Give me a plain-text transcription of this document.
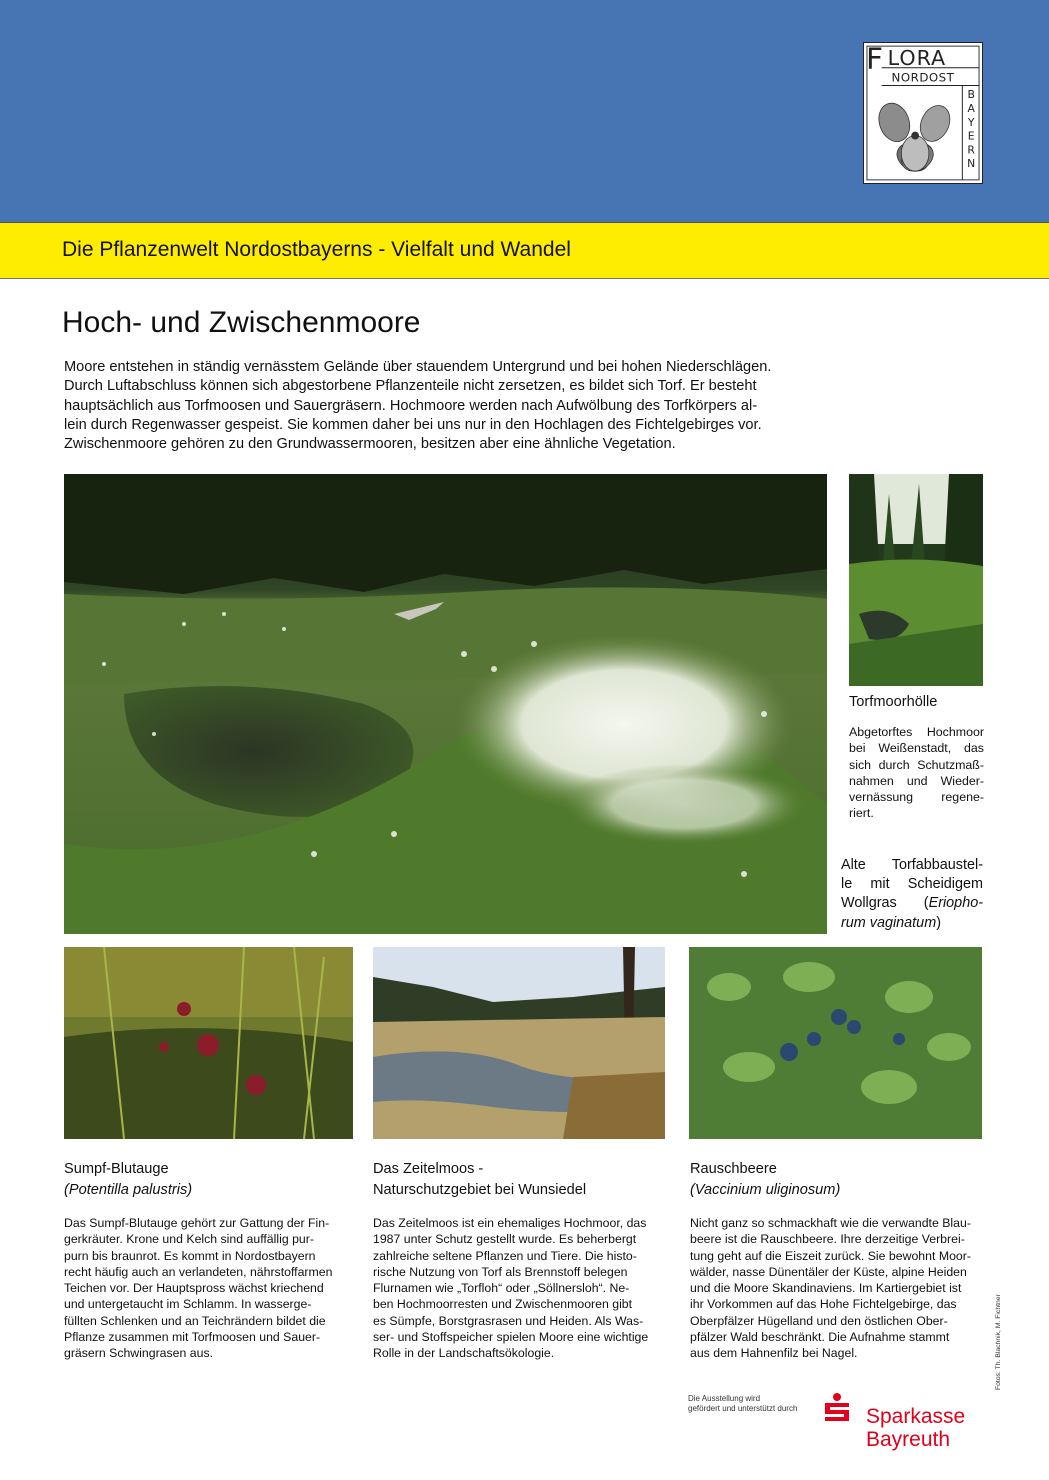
F LORA
NORDOST
B
A
Y
E
R
N
Die Pflanzenwelt Nordostbayerns - Vielfalt und Wandel
Hoch- und Zwischenmoore
Moore entstehen in ständig vernässtem Gelände über stauendem Untergrund und bei hohen Niederschlägen.
Durch Luftabschluss können sich abgestorbene Pflanzenteile nicht zersetzen, es bildet sich Torf. Er besteht
hauptsächlich aus Torfmoosen und Sauergräsern. Hochmoore werden nach Aufwölbung des Torfkörpers al-
lein durch Regenwasser gespeist. Sie kommen daher bei uns nur in den Hochlagen des Fichtelgebirges vor.
Zwischenmoore gehören zu den Grundwassermooren, besitzen aber eine ähnliche Vegetation.
Torfmoorhölle
Abgetorftes Hochmoor
bei Weißenstadt, das
sich durch Schutzmaß-
nahmen und Wieder-
vernässung regene-
riert.
Alte Torfabbaustel-
le mit Scheidigem
Wollgras (Eriopho-
rum vaginatum)
Sumpf-Blutauge
(Potentilla palustris)
Das Sumpf-Blutauge gehört zur Gattung der Fin-
gerkräuter. Krone und Kelch sind auffällig pur-
purn bis braunrot. Es kommt in Nordostbayern
recht häufig auch an verlandeten, nährstoffarmen
Teichen vor. Der Hauptspross wächst kriechend
und untergetaucht im Schlamm. In wasserge-
füllten Schlenken und an Teichrändern bildet die
Pflanze zusammen mit Torfmoosen und Sauer-
gräsern Schwingrasen aus.
Das Zeitelmoos -
Naturschutzgebiet bei Wunsiedel
Das Zeitelmoos ist ein ehemaliges Hochmoor, das
1987 unter Schutz gestellt wurde. Es beherbergt
zahlreiche seltene Pflanzen und Tiere. Die histo-
rische Nutzung von Torf als Brennstoff belegen
Flurnamen wie „Torfloh“ oder „Söllnersloh“. Ne-
ben Hochmoorresten und Zwischenmooren gibt
es Sümpfe, Borstgrasrasen und Heiden. Als Was-
ser- und Stoffspeicher spielen Moore eine wichtige
Rolle in der Landschaftsökologie.
Rauschbeere
(Vaccinium uliginosum)
Nicht ganz so schmackhaft wie die verwandte Blau-
beere ist die Rauschbeere. Ihre derzeitige Verbrei-
tung geht auf die Eiszeit zurück. Sie bewohnt Moor-
wälder, nasse Dünentäler der Küste, alpine Heiden
und die Moore Skandinaviens. Im Kartiergebiet ist
ihr Vorkommen auf das Hohe Fichtelgebirge, das
Oberpfälzer Hügelland und den östlichen Ober-
pfälzer Wald beschränkt. Die Aufnahme stammt
aus dem Hahnenfilz bei Nagel.	Fotos: Th. Blachnik, M. Fichtner
Die Ausstellung wird
gefördert und unterstützt durch	Sparkasse
Bayreuth
